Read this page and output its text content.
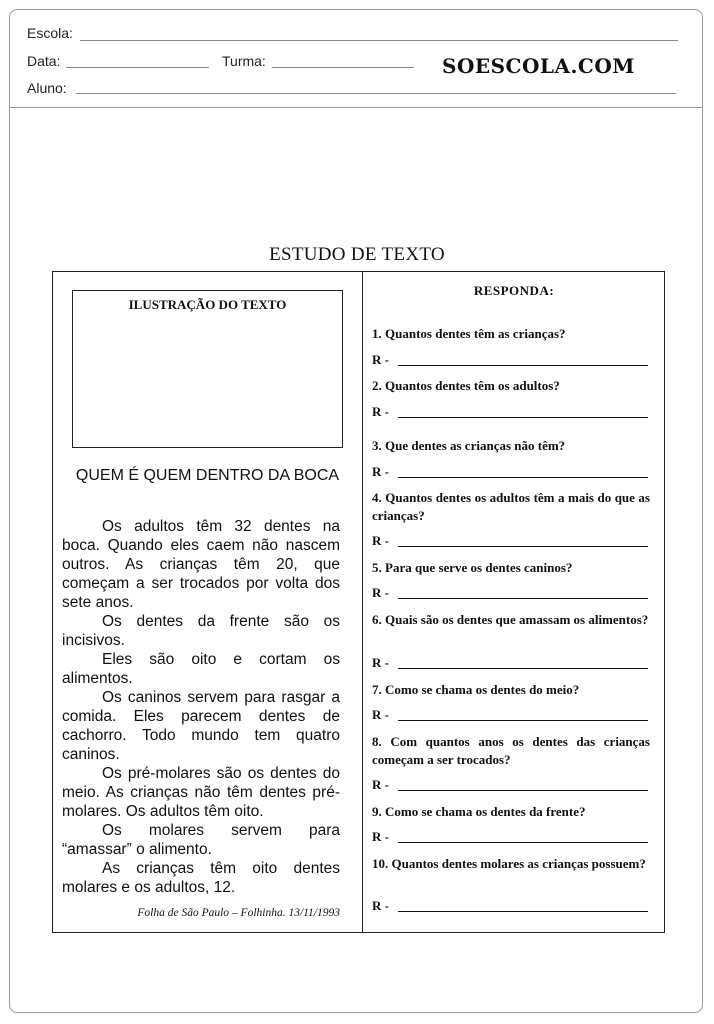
Escola:
Data:	Turma:
Aluno:
SOESCOLA.COM
ESTUDO DE TEXTO
ILUSTRAÇÃO DO TEXTO
QUEM É QUEM DENTRO DA BOCA

Os adultos têm 32 dentes na boca. Quando eles caem não nascem outros. As crianças têm 20, que começam a ser trocados por volta dos sete anos.

Os dentes da frente são os incisivos.

Eles são oito e cortam os alimentos.

Os caninos servem para rasgar a comida. Eles parecem dentes de cachorro. Todo mundo tem quatro caninos.

Os pré-molares são os dentes do meio. As crianças não têm dentes pré-molares. Os adultos têm oito.

Os molares servem para “amassar” o alimento.

As crianças têm oito dentes molares e os adultos, 12.

Folha de São Paulo – Folhinha. 13/11/1993
RESPONDA:

1. Quantos dentes têm as crianças?

R -

2. Quantos dentes têm os adultos?

R -

3. Que dentes as crianças não têm?

R -

4. Quantos dentes os adultos têm a mais do que as crianças?

R -

5. Para que serve os dentes caninos?

R -

6. Quais são os dentes que amassam os alimentos?

R -

7. Como se chama os dentes do meio?

R -

8. Com quantos anos os dentes das crianças começam a ser trocados?

R -

9. Como se chama os dentes da frente?

R -

10. Quantos dentes molares as crianças possuem?

R -
